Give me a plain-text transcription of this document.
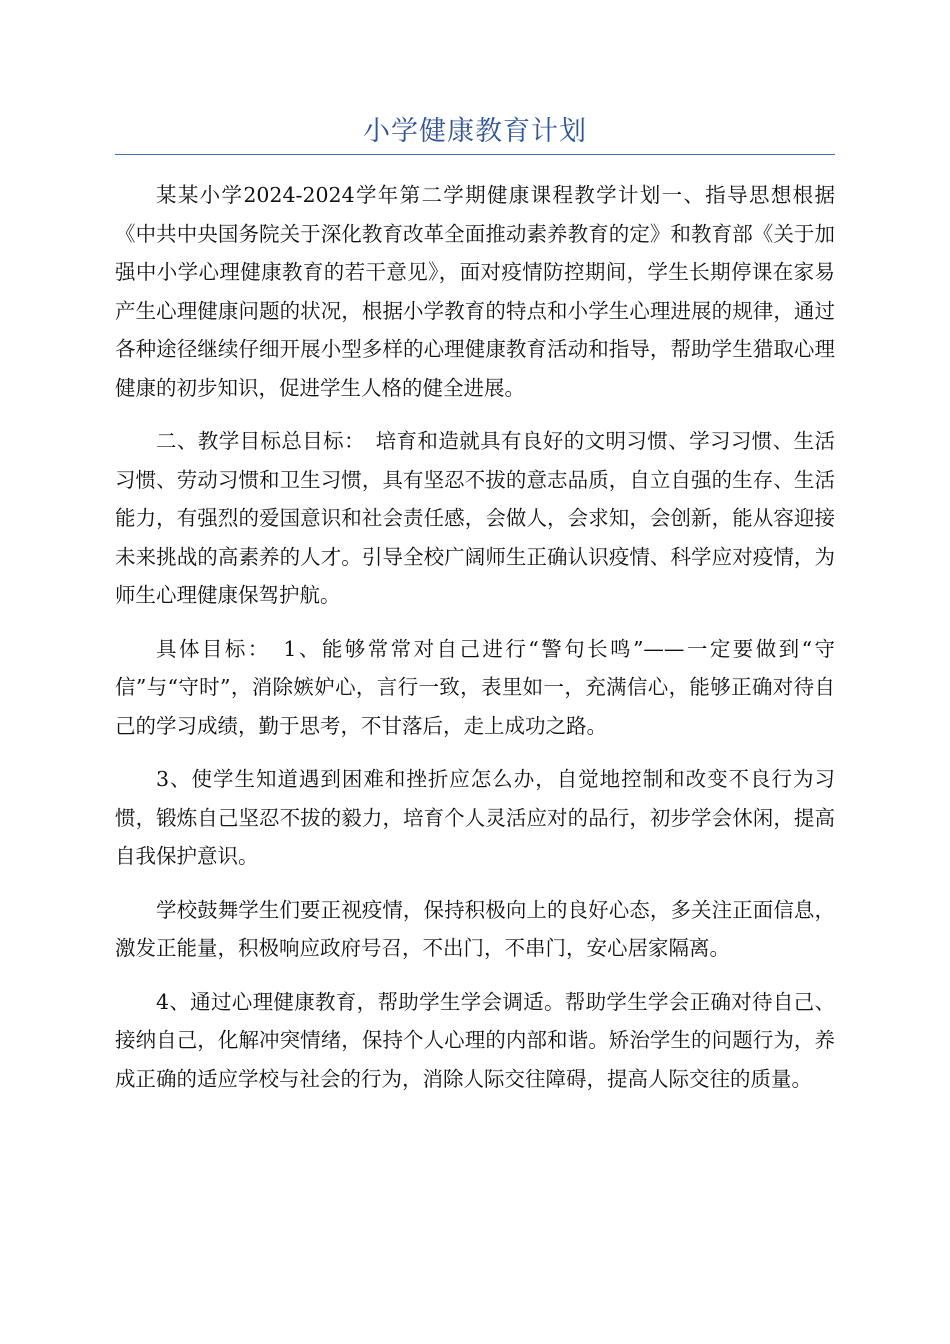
小学健康教育计划

某某小学2024-2024学年第二学期健康课程教学计划一、指导思想根据《中共中央国务院关于深化教育改革全面推动素养教育的定》和教育部《关于加强中小学心理健康教育的若干意见》，面对疫情防控期间，学生长期停课在家易产生心理健康问题的状况，根据小学教育的特点和小学生心理进展的规律，通过各种途径继续仔细开展小型多样的心理健康教育活动和指导，帮助学生猎取心理健康的初步知识，促进学生人格的健全进展。

二、教学目标总目标：　培育和造就具有良好的文明习惯、学习习惯、生活习惯、劳动习惯和卫生习惯，具有坚忍不拔的意志品质，自立自强的生存、生活能力，有强烈的爱国意识和社会责任感，会做人，会求知，会创新，能从容迎接未来挑战的高素养的人才。引导全校广阔师生正确认识疫情、科学应对疫情，为师生心理健康保驾护航。

具体目标：　1、能够常常对自己进行“警句长鸣”——一定要做到“守信”与“守时”，消除嫉妒心，言行一致，表里如一，充满信心，能够正确对待自己的学习成绩，勤于思考，不甘落后，走上成功之路。

3、使学生知道遇到困难和挫折应怎么办，自觉地控制和改变不良行为习惯，锻炼自己坚忍不拔的毅力，培育个人灵活应对的品行，初步学会休闲，提高自我保护意识。

学校鼓舞学生们要正视疫情，保持积极向上的良好心态，多关注正面信息，激发正能量，积极响应政府号召，不出门，不串门，安心居家隔离。

4、通过心理健康教育，帮助学生学会调适。帮助学生学会正确对待自己、接纳自己，化解冲突情绪，保持个人心理的内部和谐。矫治学生的问题行为，养成正确的适应学校与社会的行为，消除人际交往障碍，提高人际交往的质量。
